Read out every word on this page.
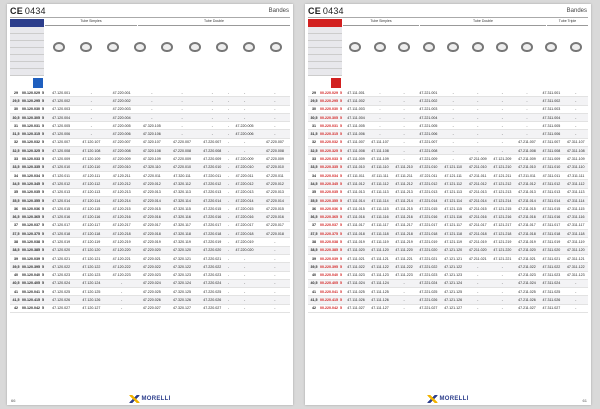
CE 0434	Bandes
Tube Simples	Tube Double
29	00.120.029	5	47.120.001	-	47.220.001	-	-	-	-	-	-
29,5	00.120.295	5	47.120.002	-	47.220.002	-	-	-	-	-	-
30	00.120.030	5	47.120.003	-	47.220.003	-	-	-	-	-	-
30,5	00.120.305	5	47.120.004	-	47.220.004	-	-	-	-	-	-
31	00.120.031	5	47.120.005	-	47.220.005	47.320.105	-	-	-	47.220.005	-
31,5	00.120.315	5	47.120.006	-	47.220.006	47.320.106	-	-	-	47.220.006	-
32	00.120.032	5	47.120.007	47.120.107	47.220.007	47.320.107	47.220.007	47.220.007	-	-	47.220.007
32,5	00.120.325	5	47.120.008	47.120.108	47.220.008	47.320.108	47.220.008	47.220.008	-	-	47.220.008
33	00.120.033	5	47.120.009	47.120.109	47.220.009	47.320.109	47.220.009	47.220.009	-	47.220.009	47.220.009
33,5	00.120.335	5	47.120.010	47.120.110	47.220.010	47.320.110	47.220.010	47.220.010	-	47.220.010	47.220.010
34	00.120.034	5	47.120.011	47.120.111	47.120.211	47.220.011	47.320.111	47.220.011	-	47.220.011	47.220.011
34,5	00.120.345	5	47.120.012	47.120.112	47.120.212	47.220.012	47.320.112	47.220.012	-	47.220.012	47.220.012
35	00.120.035	5	47.120.013	47.120.113	47.120.213	47.220.013	47.320.113	47.220.013	-	47.220.013	47.220.013
35,5	00.120.355	5	47.120.014	47.120.114	47.120.214	47.220.014	47.320.114	47.220.014	-	47.220.014	47.220.014
36	00.120.036	5	47.120.015	47.120.115	47.120.215	47.220.015	47.320.115	47.220.015	-	47.220.015	47.220.015
36,5	00.120.365	5	47.120.016	47.120.116	47.120.216	47.220.016	47.320.116	47.220.016	-	47.220.016	47.220.016
37	00.120.037	5	47.120.017	47.120.117	47.120.217	47.220.017	47.320.117	47.220.017	-	47.220.017	47.220.017
37,5	00.120.375	5	47.120.018	47.120.118	47.120.218	47.220.018	47.320.118	47.220.018	-	47.220.018	47.220.018
38	00.120.038	5	47.120.019	47.120.119	47.120.219	47.220.019	47.320.119	47.220.019	-	47.220.019	-
38,5	00.120.385	5	47.120.020	47.120.120	47.120.220	47.220.020	47.320.120	47.220.020	-	47.220.020	-
39	00.120.039	5	47.120.021	47.120.121	47.120.221	47.220.021	47.320.121	47.220.021	-	-	-
39,5	00.120.395	5	47.120.022	47.120.122	47.120.222	47.220.022	47.320.122	47.220.022	-	-	-
40	00.120.040	5	47.120.023	47.120.123	47.120.223	47.220.023	47.320.123	47.220.023	-	-	-
40,5	00.120.405	5	47.120.024	47.120.124	-	47.220.024	47.320.124	47.220.024	-	-	-
41	00.120.041	5	47.120.025	47.120.125	-	47.220.025	47.320.125	47.220.025	-	-	-
41,5	00.120.415	5	47.120.026	47.120.126	-	47.220.026	47.320.126	47.220.026	-	-	-
42	00.120.042	5	47.120.027	47.120.127	-	47.220.027	47.320.127	47.220.027	-	-	-
66	MORELLI
CE 0434	Bandes
Tube Simples	Tube Double	Tube Triple
29	00.220.029	5	47.111.001	-	-	47.221.001	-	-	-	-	47.311.001	-
29,5	00.220.295	5	47.111.002	-	-	47.221.002	-	-	-	-	47.311.002	-
30	00.220.030	5	47.111.003	-	-	47.221.003	-	-	-	-	47.311.003	-
30,5	00.220.305	5	47.111.004	-	-	47.221.004	-	-	-	-	47.311.004	-
31	00.220.031	5	47.111.005	-	-	47.221.005	-	-	-	-	47.311.005	-
31,5	00.220.315	5	47.111.006	-	-	47.221.006	-	-	-	-	47.311.006	-
32	00.220.032	5	47.111.007	47.111.107	-	47.221.007	-	-	-	47.211.007	47.311.007	47.311.107
32,5	00.220.325	5	47.111.008	47.111.108	-	47.221.008	-	-	-	47.211.008	47.311.008	47.311.108
33	00.220.033	5	47.111.009	47.111.109	-	47.221.009	-	47.211.009	47.121.209	47.211.009	47.311.009	47.311.109
33,5	00.220.335	5	47.111.010	47.111.110	47.111.210	47.221.010	47.121.110	47.211.010	47.121.210	47.211.010	47.311.010	47.311.110
34	00.220.034	5	47.111.011	47.111.111	47.111.211	47.221.011	47.121.111	47.211.011	47.121.211	47.211.011	47.311.011	47.311.111
34,5	00.220.345	5	47.111.012	47.111.112	47.111.212	47.221.012	47.121.112	47.211.012	47.121.212	47.211.012	47.311.012	47.311.112
35	00.220.035	5	47.111.013	47.111.113	47.111.213	47.221.013	47.121.113	47.211.013	47.121.213	47.211.013	47.311.013	47.311.113
35,5	00.220.355	5	47.111.014	47.111.114	47.111.214	47.221.014	47.121.114	47.211.014	47.121.214	47.211.014	47.311.014	47.311.114
36	00.220.036	5	47.111.015	47.111.115	47.111.215	47.221.015	47.121.115	47.211.015	47.121.215	47.211.015	47.311.015	47.311.115
36,5	00.220.365	5	47.111.016	47.111.116	47.111.216	47.221.016	47.121.116	47.211.016	47.121.216	47.211.016	47.311.016	47.311.116
37	00.220.037	5	47.111.017	47.111.117	47.111.217	47.221.017	47.121.117	47.211.017	47.121.217	47.211.017	47.311.017	47.311.117
37,5	00.220.375	5	47.111.018	47.111.118	47.111.218	47.221.018	47.121.118	47.211.018	47.121.218	47.211.018	47.311.018	47.311.118
38	00.220.038	5	47.111.019	47.111.119	47.111.219	47.221.019	47.121.119	47.211.019	47.121.219	47.211.019	47.311.019	47.311.119
38,5	00.220.385	5	47.111.020	47.111.120	47.111.220	47.221.020	47.121.120	47.211.020	47.121.220	47.211.020	47.311.020	47.311.120
39	00.220.039	5	47.111.021	47.111.121	47.111.221	47.221.021	47.121.121	47.211.021	47.121.221	47.211.021	47.311.021	47.311.121
39,5	00.220.395	5	47.111.022	47.111.122	47.111.222	47.221.022	47.121.122	-	-	47.211.022	47.311.022	47.311.122
40	00.220.040	5	47.111.023	47.111.123	47.111.223	47.221.023	47.121.123	-	-	47.211.023	47.311.023	47.311.123
40,5	00.220.405	5	47.111.024	47.111.124	-	47.221.024	47.121.124	-	-	47.211.024	47.311.024	-
41	00.220.041	5	47.111.025	47.111.125	-	47.221.025	47.121.125	-	-	47.211.025	47.311.025	-
41,5	00.220.415	5	47.111.026	47.111.126	-	47.221.026	47.121.126	-	-	47.211.026	47.311.026	-
42	00.220.042	5	47.111.027	47.111.127	-	47.221.027	47.121.127	-	-	47.211.027	47.311.027	-
61
MORELLI
